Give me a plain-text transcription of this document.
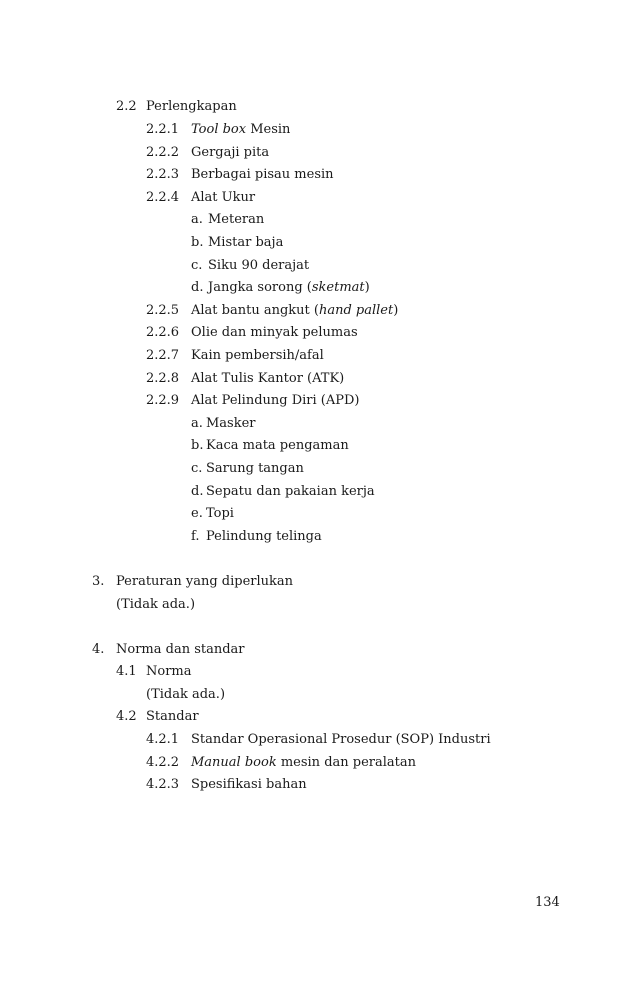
2.2 Perlengkapan
2.2.1 Tool box Mesin
2.2.2 Gergaji pita
2.2.3 Berbagai pisau mesin
2.2.4 Alat Ukur
a. Meteran
b. Mistar baja
c. Siku 90 derajat
d. Jangka sorong (sketmat)
2.2.5 Alat bantu angkut (hand pallet)
2.2.6 Olie dan minyak pelumas
2.2.7 Kain pembersih/afal
2.2.8 Alat Tulis Kantor (ATK)
2.2.9 Alat Pelindung Diri (APD)
a. Masker
b. Kaca mata pengaman
c. Sarung tangan
d. Sepatu dan pakaian kerja
e. Topi
f. Pelindung telinga
3. Peraturan yang diperlukan
(Tidak ada.)
4. Norma dan standar
4.1 Norma
(Tidak ada.)
4.2 Standar
4.2.1 Standar Operasional Prosedur (SOP) Industri
4.2.2 Manual book mesin dan peralatan
4.2.3 Spesifikasi bahan
134
